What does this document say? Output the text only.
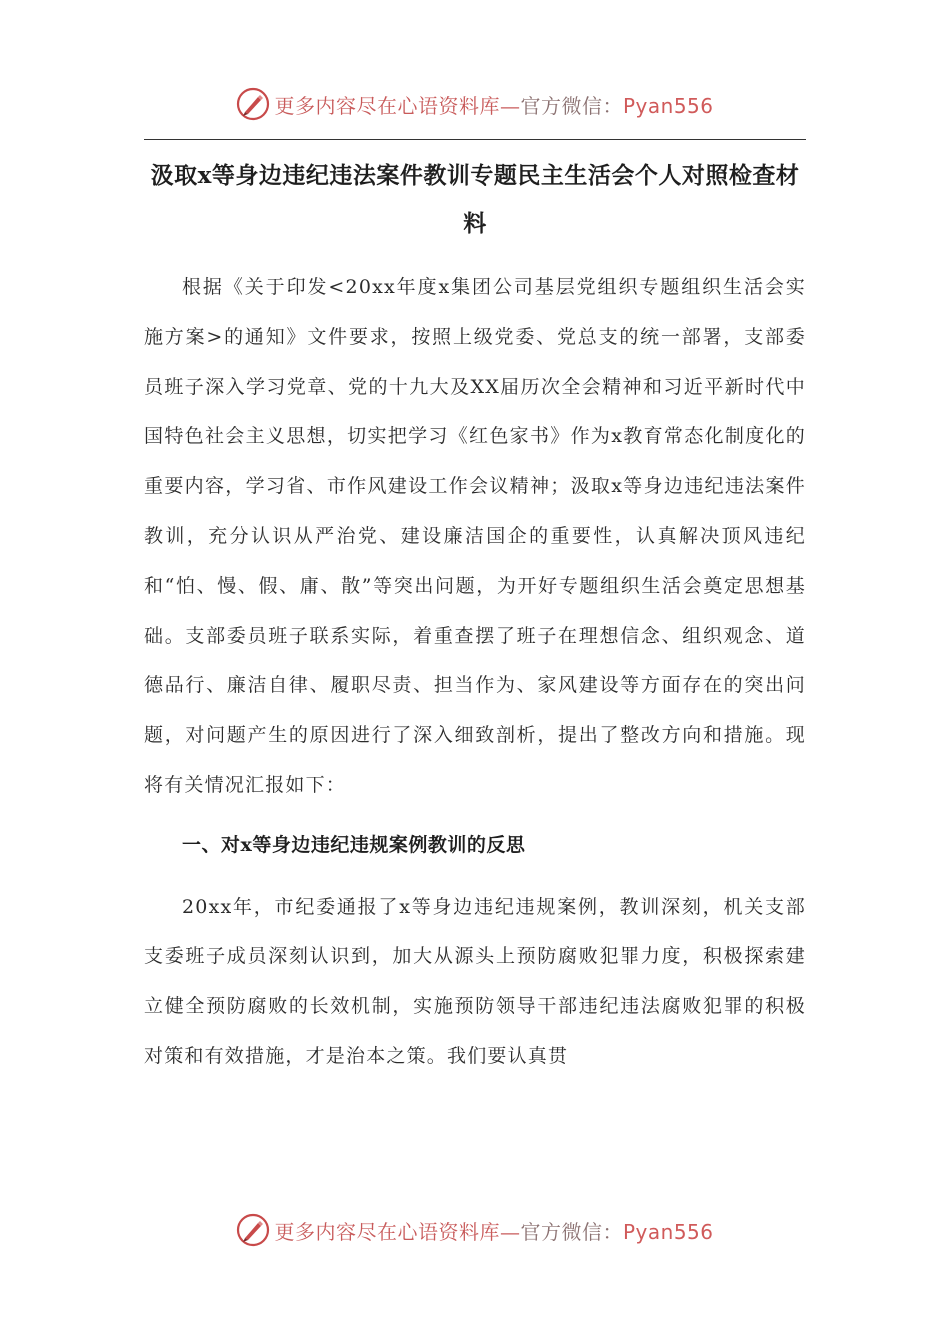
更多内容尽在心语资料库—官方微信：Pyan556
汲取x等身边违纪违法案件教训专题民主生活会个人对照检查材料

根据《关于印发<20xx年度x集团公司基层党组织专题组织生活会实施方案>的通知》文件要求，按照上级党委、党总支的统一部署，支部委员班子深入学习党章、党的十九大及XX届历次全会精神和习近平新时代中国特色社会主义思想，切实把学习《红色家书》作为x教育常态化制度化的重要内容，学习省、市作风建设工作会议精神；汲取x等身边违纪违法案件教训，充分认识从严治党、建设廉洁国企的重要性，认真解决顶风违纪和“怕、慢、假、庸、散”等突出问题，为开好专题组织生活会奠定思想基础。支部委员班子联系实际，着重查摆了班子在理想信念、组织观念、道德品行、廉洁自律、履职尽责、担当作为、家风建设等方面存在的突出问题，对问题产生的原因进行了深入细致剖析，提出了整改方向和措施。现将有关情况汇报如下：

一、对x等身边违纪违规案例教训的反思

20xx年，市纪委通报了x等身边违纪违规案例，教训深刻，机关支部支委班子成员深刻认识到，加大从源头上预防腐败犯罪力度，积极探索建立健全预防腐败的长效机制，实施预防领导干部违纪违法腐败犯罪的积极对策和有效措施，才是治本之策。我们要认真贯

更多内容尽在心语资料库—官方微信：Pyan556
